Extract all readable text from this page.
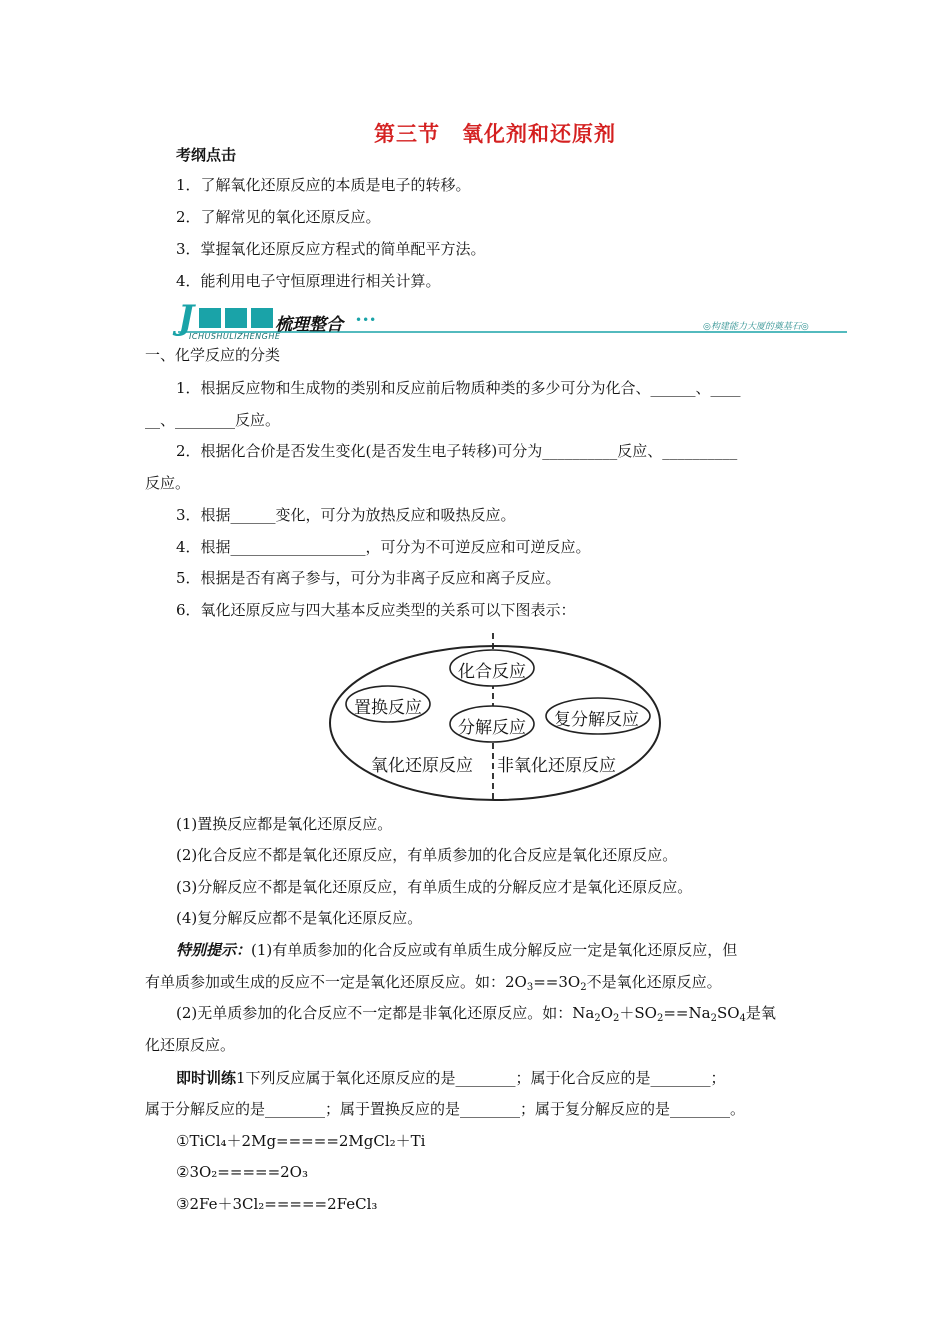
第三节　氧化剂和还原剂
考纲点击
1．了解氧化还原反应的本质是电子的转移。
2．了解常见的氧化还原反应。
3．掌握氧化还原反应方程式的简单配平方法。
4．能利用电子守恒原理进行相关计算。
J	梳理整合 •••
ICHUSHULIZHENGHE
◎构建能力大厦的奠基石◎
一、化学反应的分类
1．根据反应物和生成物的类别和反应前后物质种类的多少可分为化合、______、____
__、________反应。
2．根据化合价是否发生变化(是否发生电子转移)可分为__________反应、__________
反应。
3．根据______变化，可分为放热反应和吸热反应。
4．根据__________________，可分为不可逆反应和可逆反应。
5．根据是否有离子参与，可分为非离子反应和离子反应。
6．氧化还原反应与四大基本反应类型的关系可以下图表示：
化合反应
置换反应
分解反应 复分解反应
氧化还原反应 非氧化还原反应
(1)置换反应都是氧化还原反应。
(2)化合反应不都是氧化还原反应，有单质参加的化合反应是氧化还原反应。
(3)分解反应不都是氧化还原反应，有单质生成的分解反应才是氧化还原反应。
(4)复分解反应都不是氧化还原反应。
特别提示：(1)有单质参加的化合反应或有单质生成分解反应一定是氧化还原反应，但
有单质参加或生成的反应不一定是氧化还原反应。如：$2O_3==3O_2$不是氧化还原反应。
(2)无单质参加的化合反应不一定都是非氧化还原反应。如：$Na_2O_2+SO_2==Na_2SO_4$是氧
化还原反应。
即时训练1下列反应属于氧化还原反应的是________；属于化合反应的是________；
属于分解反应的是________；属于置换反应的是________；属于复分解反应的是________。
①TiCl₄＋2Mg=====2MgCl₂＋Ti
②3O₂=====2O₃
③2Fe＋3Cl₂=====2FeCl₃
